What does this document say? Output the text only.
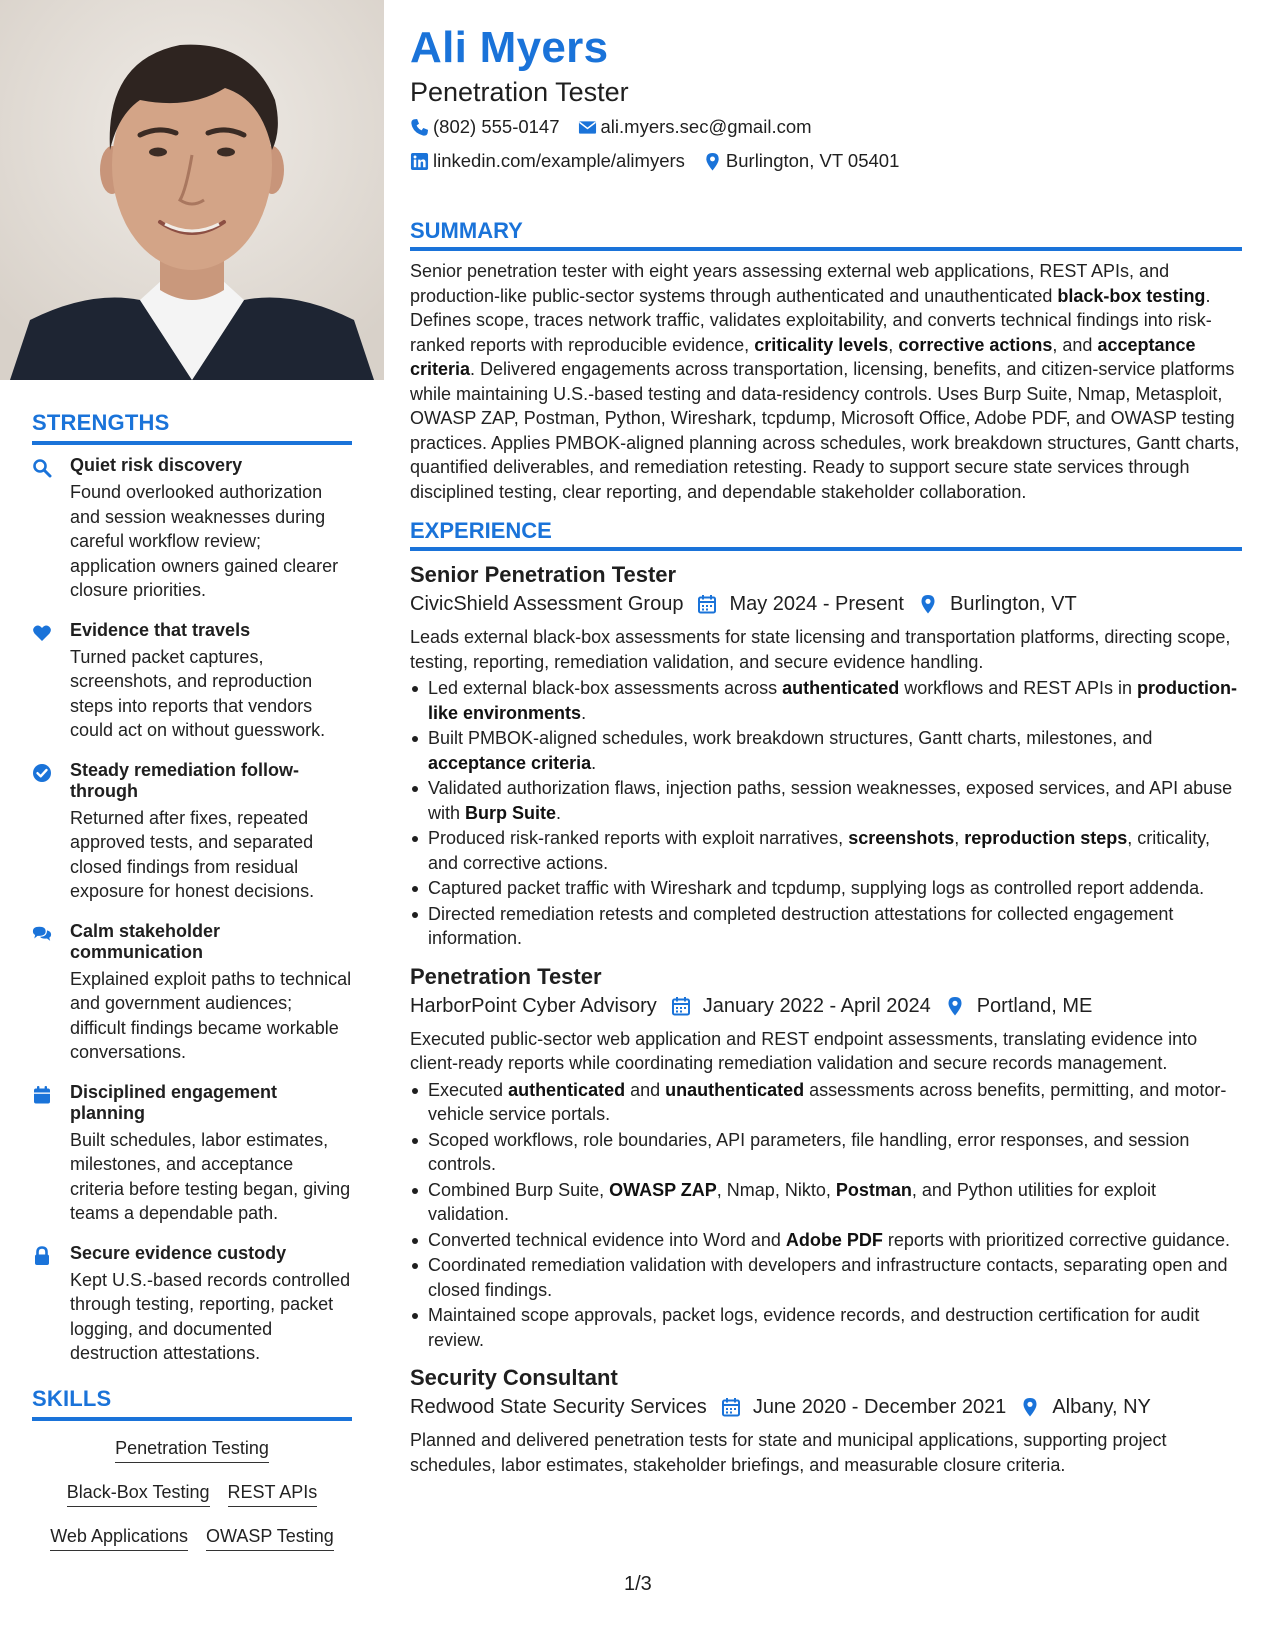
STRENGTHS
Quiet risk discovery
Found overlooked authorization and session weaknesses during careful workflow review; application owners gained clearer closure priorities.
Evidence that travels
Turned packet captures, screenshots, and reproduction steps into reports that vendors could act on without guesswork.
Steady remediation follow-through
Returned after fixes, repeated approved tests, and separated closed findings from residual exposure for honest decisions.
Calm stakeholder communication
Explained exploit paths to technical and government audiences; difficult findings became workable conversations.
Disciplined engagement planning
Built schedules, labor estimates, milestones, and acceptance criteria before testing began, giving teams a dependable path.
Secure evidence custody
Kept U.S.-based records controlled through testing, reporting, packet logging, and documented destruction attestations.
SKILLS
Penetration Testing
Black-Box Testing REST APIs
Web Applications OWASP Testing
Ali Myers
Penetration Tester
(802) 555-0147 ali.myers.sec@gmail.com
linkedin.com/example/alimyers Burlington, VT 05401
SUMMARY

Senior penetration tester with eight years assessing external web applications, REST APIs, and production-like public-sector systems through authenticated and unauthenticated black-box testing. Defines scope, traces network traffic, validates exploitability, and converts technical findings into risk-ranked reports with reproducible evidence, criticality levels, corrective actions, and acceptance criteria. Delivered engagements across transportation, licensing, benefits, and citizen-service platforms while maintaining U.S.-based testing and data-residency controls. Uses Burp Suite, Nmap, Metasploit, OWASP ZAP, Postman, Python, Wireshark, tcpdump, Microsoft Office, Adobe PDF, and OWASP testing practices. Applies PMBOK-aligned planning across schedules, work breakdown structures, Gantt charts, quantified deliverables, and remediation retesting. Ready to support secure state services through disciplined testing, clear reporting, and dependable stakeholder collaboration.

EXPERIENCE
Senior Penetration Tester
CivicShield Assessment Group May 2024 - Present Burlington, VT

Leads external black-box assessments for state licensing and transportation platforms, directing scope, testing, reporting, remediation validation, and secure evidence handling.

Led external black-box assessments across authenticated workflows and REST APIs in production-like environments.
Built PMBOK-aligned schedules, work breakdown structures, Gantt charts, milestones, and acceptance criteria.
Validated authorization flaws, injection paths, session weaknesses, exposed services, and API abuse with Burp Suite.
Produced risk-ranked reports with exploit narratives, screenshots, reproduction steps, criticality, and corrective actions.
Captured packet traffic with Wireshark and tcpdump, supplying logs as controlled report addenda.
Directed remediation retests and completed destruction attestations for collected engagement information.
Penetration Tester
HarborPoint Cyber Advisory January 2022 - April 2024 Portland, ME

Executed public-sector web application and REST endpoint assessments, translating evidence into client-ready reports while coordinating remediation validation and secure records management.

Executed authenticated and unauthenticated assessments across benefits, permitting, and motor-vehicle service portals.
Scoped workflows, role boundaries, API parameters, file handling, error responses, and session controls.
Combined Burp Suite, OWASP ZAP, Nmap, Nikto, Postman, and Python utilities for exploit validation.
Converted technical evidence into Word and Adobe PDF reports with prioritized corrective guidance.
Coordinated remediation validation with developers and infrastructure contacts, separating open and closed findings.
Maintained scope approvals, packet logs, evidence records, and destruction certification for audit review.
Security Consultant
Redwood State Security Services June 2020 - December 2021 Albany, NY

Planned and delivered penetration tests for state and municipal applications, supporting project schedules, labor estimates, stakeholder briefings, and measurable closure criteria.

1/3
